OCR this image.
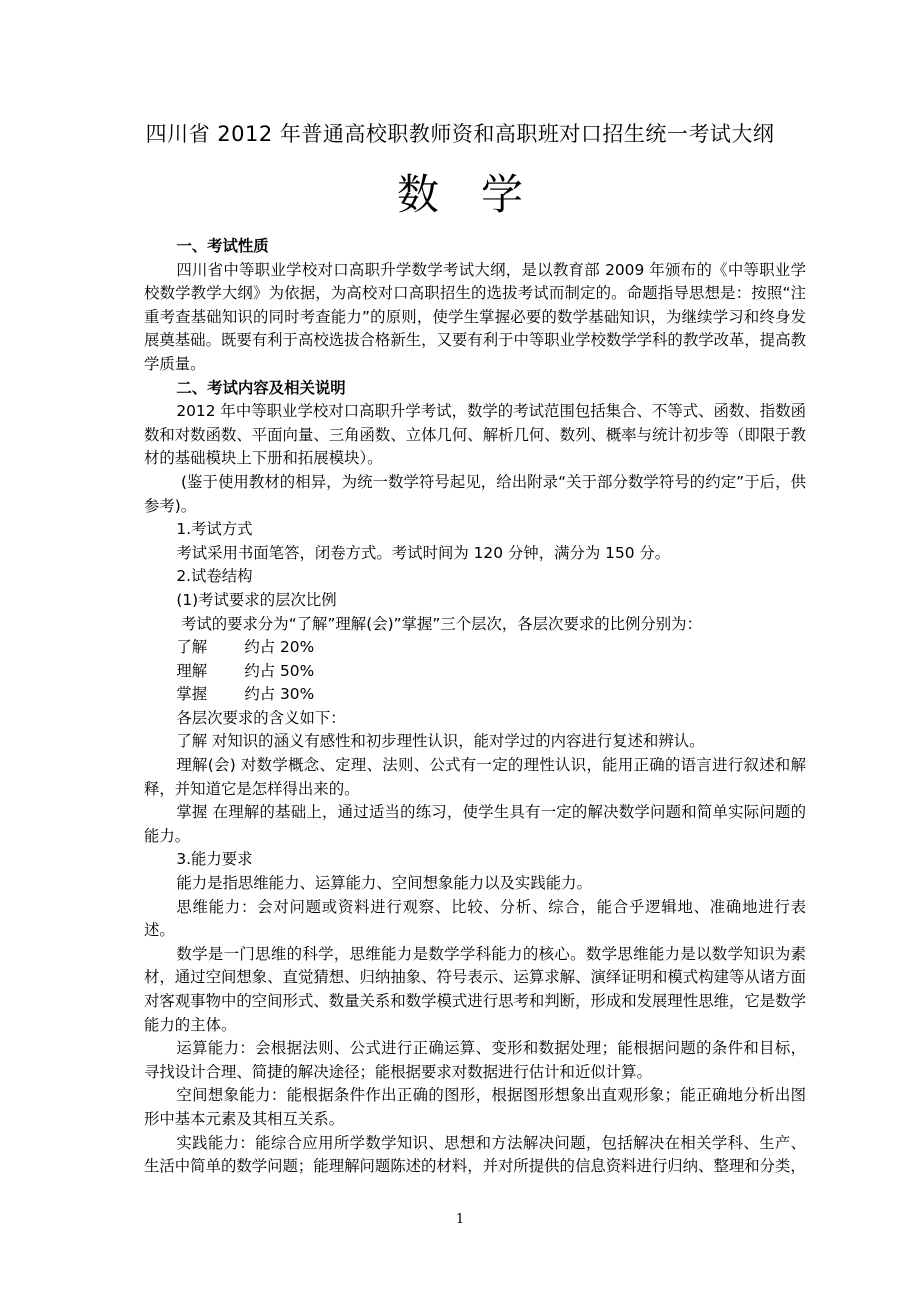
四川省 2012 年普通高校职教师资和高职班对口招生统一考试大纲
数学

一、考试性质

四川省中等职业学校对口高职升学数学考试大纲，是以教育部 2009 年颁布的《中等职业学校数学教学大纲》为依据，为高校对口高职招生的选拔考试而制定的。命题指导思想是：按照“注重考查基础知识的同时考查能力”的原则，使学生掌握必要的数学基础知识，为继续学习和终身发展奠基础。既要有利于高校选拔合格新生，又要有利于中等职业学校数学学科的教学改革，提高教学质量。

二、考试内容及相关说明

2012 年中等职业学校对口高职升学考试，数学的考试范围包括集合、不等式、函数、指数函数和对数函数、平面向量、三角函数、立体几何、解析几何、数列、概率与统计初步等（即限于教材的基础模块上下册和拓展模块）。

(鉴于使用教材的相异，为统一数学符号起见，给出附录“关于部分数学符号的约定”于后，供参考)。

1.考试方式

考试采用书面笔答，闭卷方式。考试时间为 120 分钟，满分为 150 分。

2.试卷结构

(1)考试要求的层次比例

考试的要求分为“了解”理解(会)”掌握”三个层次，各层次要求的比例分别为：

了解	约占 20%
理解	约占 50%
掌握	约占 30%

各层次要求的含义如下：

了解 对知识的涵义有感性和初步理性认识，能对学过的内容进行复述和辨认。

理解(会) 对数学概念、定理、法则、公式有一定的理性认识，能用正确的语言进行叙述和解释，并知道它是怎样得出来的。

掌握 在理解的基础上，通过适当的练习，使学生具有一定的解决数学问题和简单实际问题的能力。

3.能力要求

能力是指思维能力、运算能力、空间想象能力以及实践能力。

思维能力：会对问题或资料进行观察、比较、分析、综合，能合乎逻辑地、准确地进行表述。

数学是一门思维的科学，思维能力是数学学科能力的核心。数学思维能力是以数学知识为素材，通过空间想象、直觉猜想、归纳抽象、符号表示、运算求解、演绎证明和模式构建等从诸方面对客观事物中的空间形式、数量关系和数学模式进行思考和判断，形成和发展理性思维，它是数学能力的主体。

运算能力：会根据法则、公式进行正确运算、变形和数据处理；能根据问题的条件和目标，寻找设计合理、简捷的解决途径；能根据要求对数据进行估计和近似计算。

空间想象能力：能根据条件作出正确的图形，根据图形想象出直观形象；能正确地分析出图形中基本元素及其相互关系。

实践能力：能综合应用所学数学知识、思想和方法解决问题，包括解决在相关学科、生产、生活中简单的数学问题；能理解问题陈述的材料，并对所提供的信息资料进行归纳、整理和分类，

1
